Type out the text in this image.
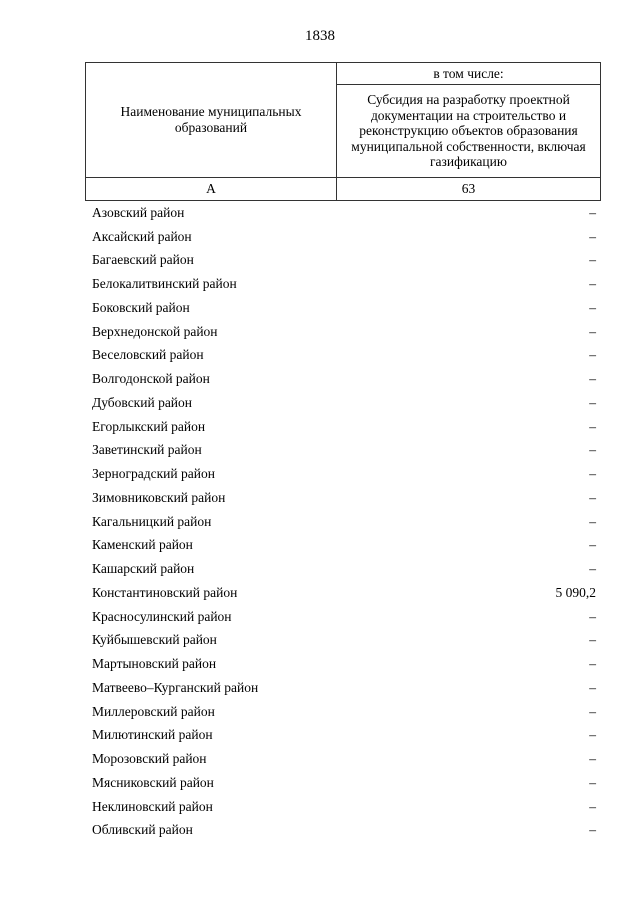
1838
Наименование муниципальных образований	в том числе:
	Субсидия на разработку проектной документации на строительство и реконструкцию объектов образования муниципальной собственности, включая газификацию
А	63
Азовский район	–
Аксайский район	–
Багаевский район	–
Белокалитвинский район	–
Боковский район	–
Верхнедонской район	–
Веселовский район	–
Волгодонской район	–
Дубовский район	–
Егорлыкский район	–
Заветинский район	–
Зерноградский район	–
Зимовниковский район	–
Кагальницкий район	–
Каменский район	–
Кашарский район	–
Константиновский район	5 090,2
Красносулинский район	–
Куйбышевский район	–
Мартыновский район	–
Матвеево–Курганский район	–
Миллеровский район	–
Милютинский район	–
Морозовский район	–
Мясниковский район	–
Неклиновский район	–
Обливский район	–
